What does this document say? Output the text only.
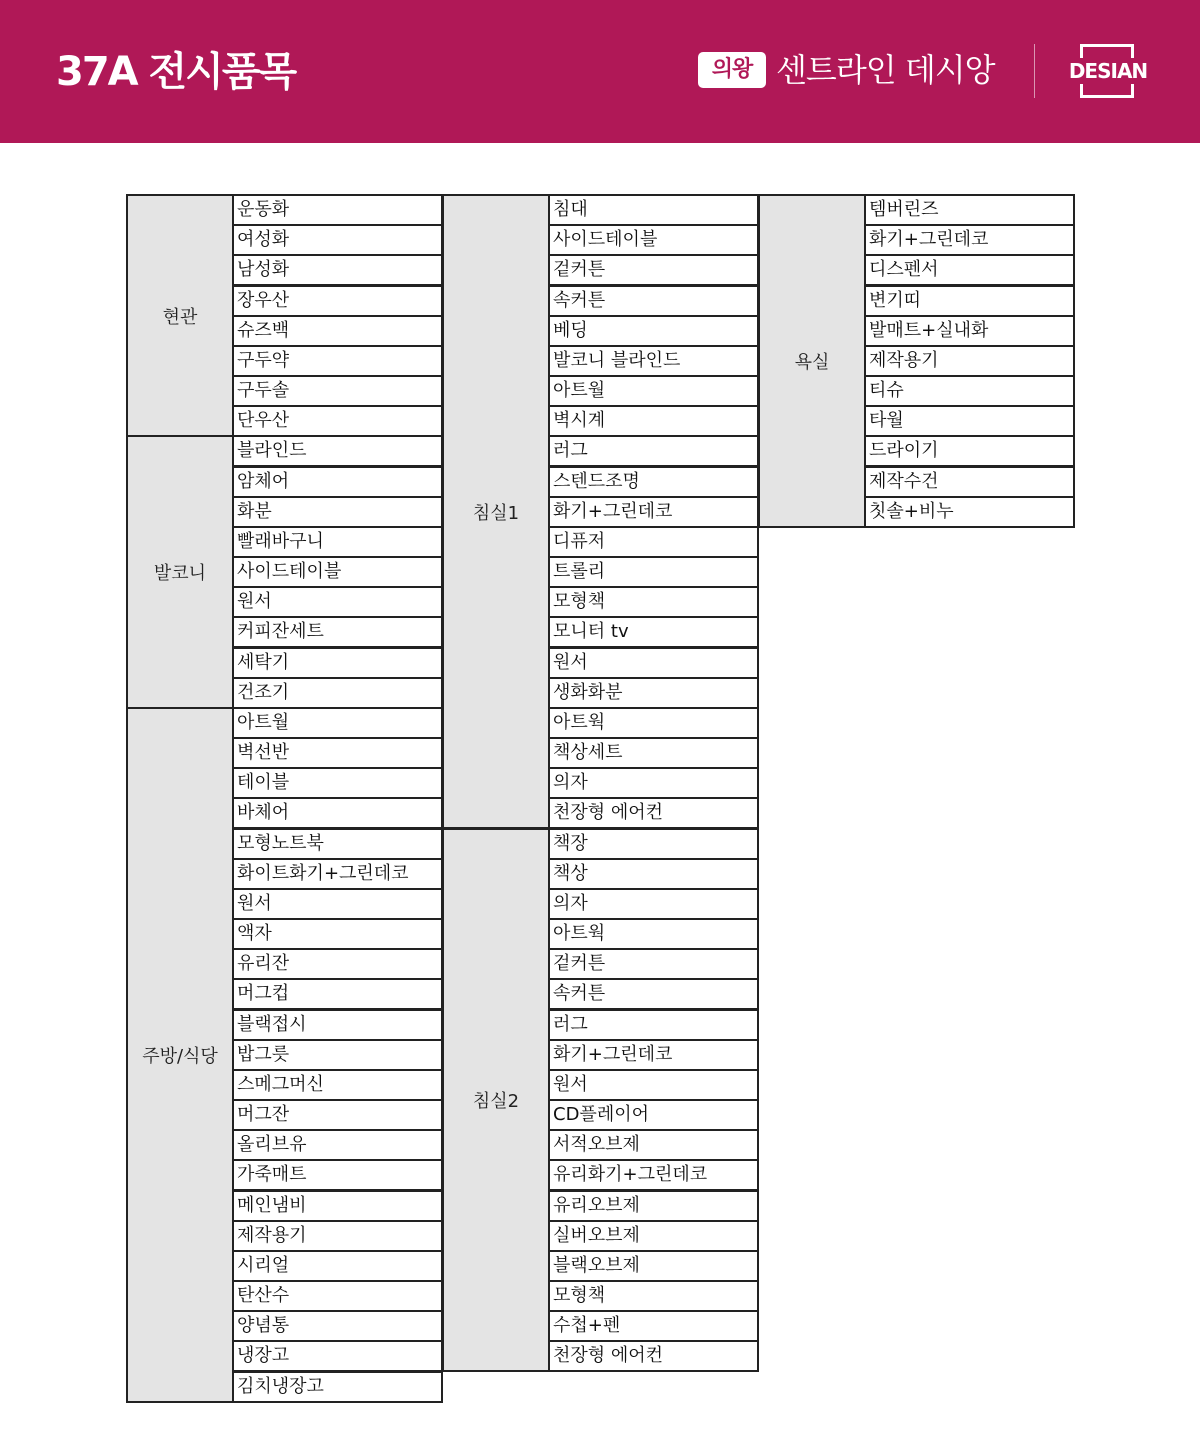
37A 전시품목	의왕 센트라인 데시앙	DESIAN
운동화
여성화
남성화
장우산
슈즈백
구두약
구두솔
단우산
현관
블라인드
암체어
화분
빨래바구니
사이드테이블
원서
커피잔세트
세탁기
건조기
발코니
아트월
벽선반
테이블
바체어
모형노트북
화이트화기+그린데코
원서
액자
유리잔
머그컵
블랙접시
밥그릇
스메그머신
머그잔
올리브유
가죽매트
메인냄비
제작용기
시리얼
탄산수
양념통
냉장고
김치냉장고
주방/식당
침대
사이드테이블
겉커튼
속커튼
베딩
발코니 블라인드
아트월
벽시계
러그
스텐드조명
화기+그린데코
디퓨저
트롤리
모형책
모니터 tv
원서
생화화분
아트웍
책상세트
의자
천장형 에어컨
침실1
책장
책상
의자
아트웍
겉커튼
속커튼
러그
화기+그린데코
원서
CD플레이어
서적오브제
유리화기+그린데코
유리오브제
실버오브제
블랙오브제
모형책
수첩+펜
천장형 에어컨
침실2
템버린즈
화기+그린데코
디스펜서
변기띠
발매트+실내화
제작용기
티슈
타월
드라이기
제작수건
칫솔+비누
욕실
